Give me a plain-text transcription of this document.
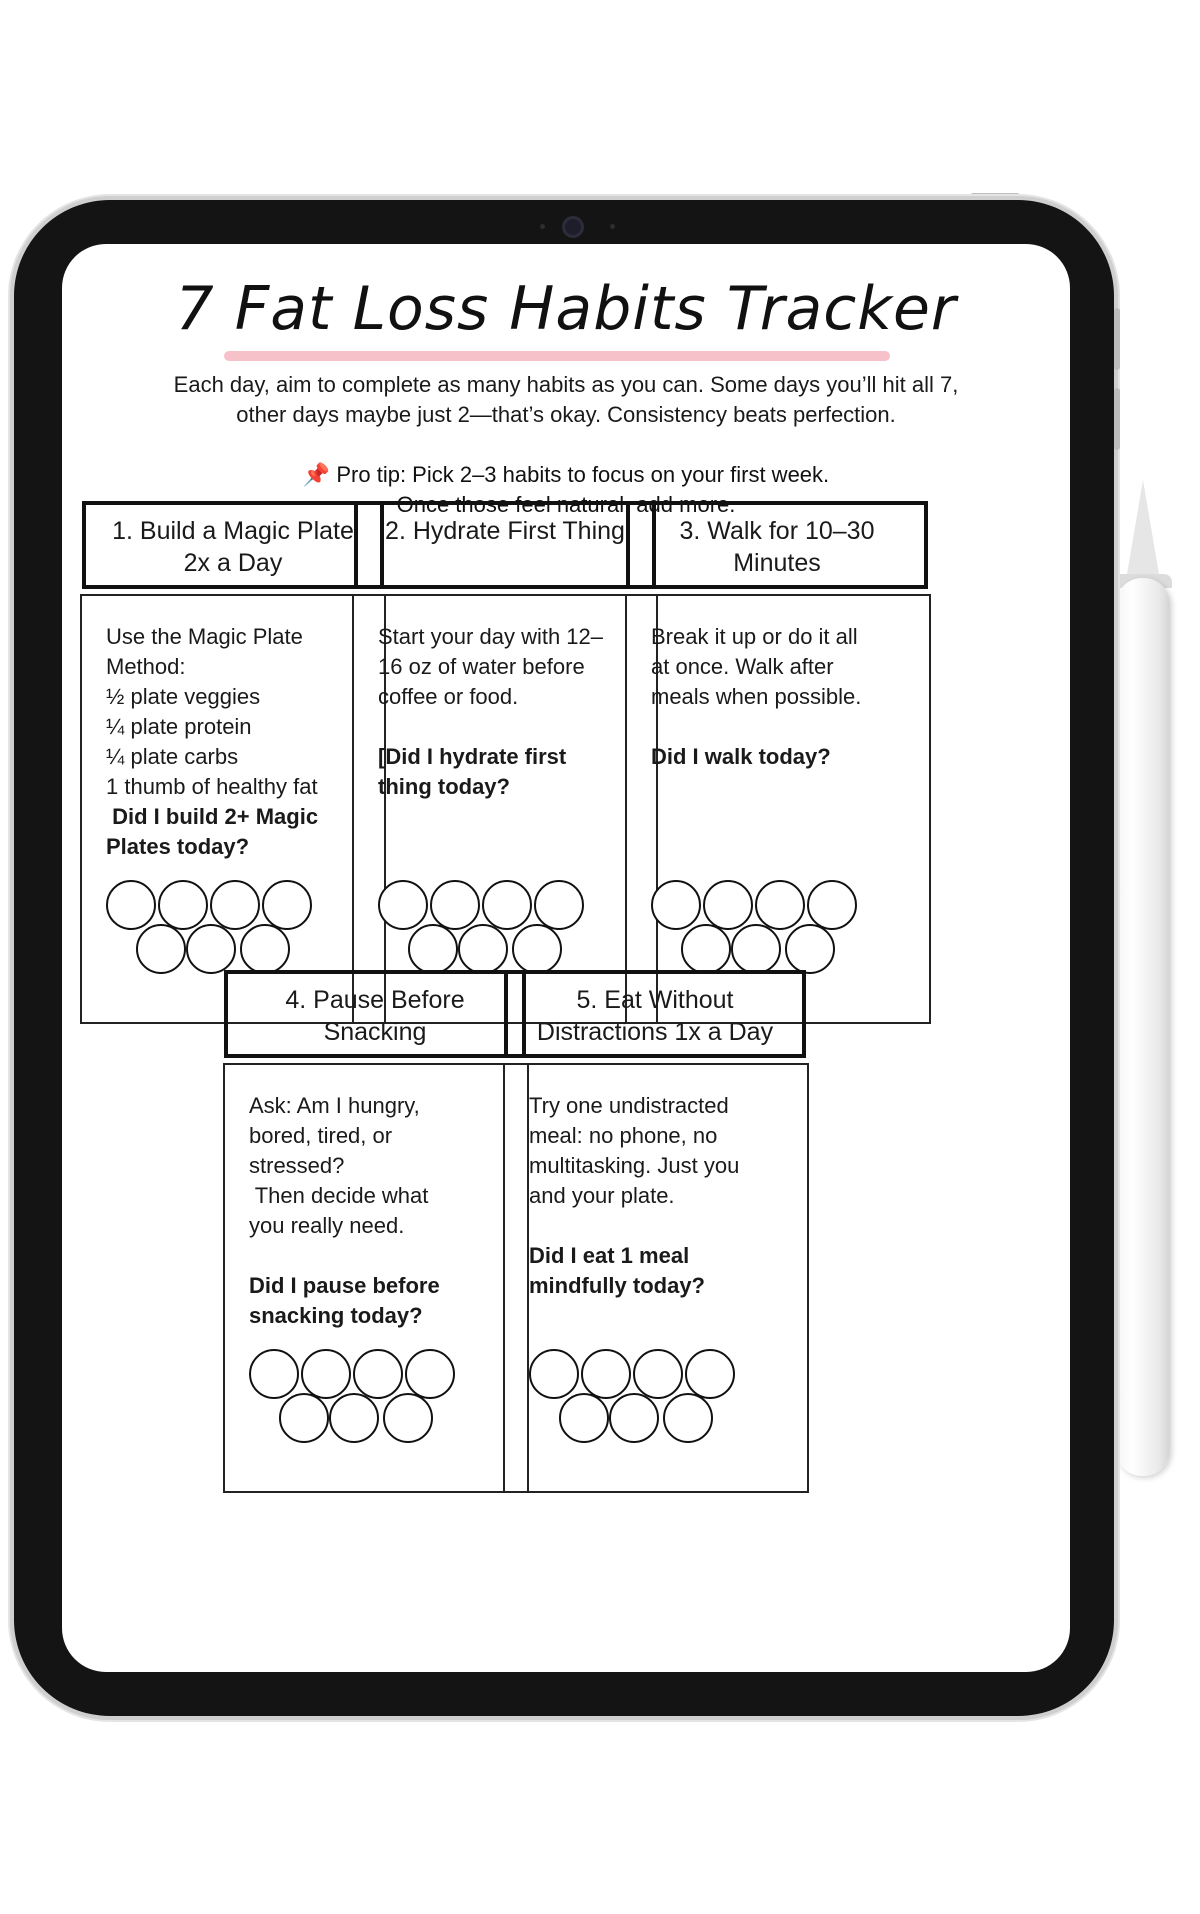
7 Fat Loss Habits Tracker
Each day, aim to complete as many habits as you can. Some days you’ll hit all 7,
other days maybe just 2—that’s okay. Consistency beats perfection.
📌 Pro tip: Pick 2–3 habits to focus on your first week.
Once those feel natural, add more.
1. Build a Magic Plate
2x a Day

Use the Magic Plate

Method:

½ plate veggies

¼ plate protein

¼ plate carbs

1 thumb of healthy fat

Did I build 2+ Magic

Plates today?

2. Hydrate First Thing

Start your day with 12–

16 oz of water before

coffee or food.

[Did I hydrate first

thing today?

3. Walk for 10–30
Minutes

Break it up or do it all

at once. Walk after

meals when possible.

Did I walk today?

4. Pause Before
Snacking

Ask: Am I hungry,

bored, tired, or

stressed?

Then decide what

you really need.

Did I pause before

snacking today?

5. Eat Without
Distractions 1x a Day

Try one undistracted

meal: no phone, no

multitasking. Just you

and your plate.

Did I eat 1 meal

mindfully today?
